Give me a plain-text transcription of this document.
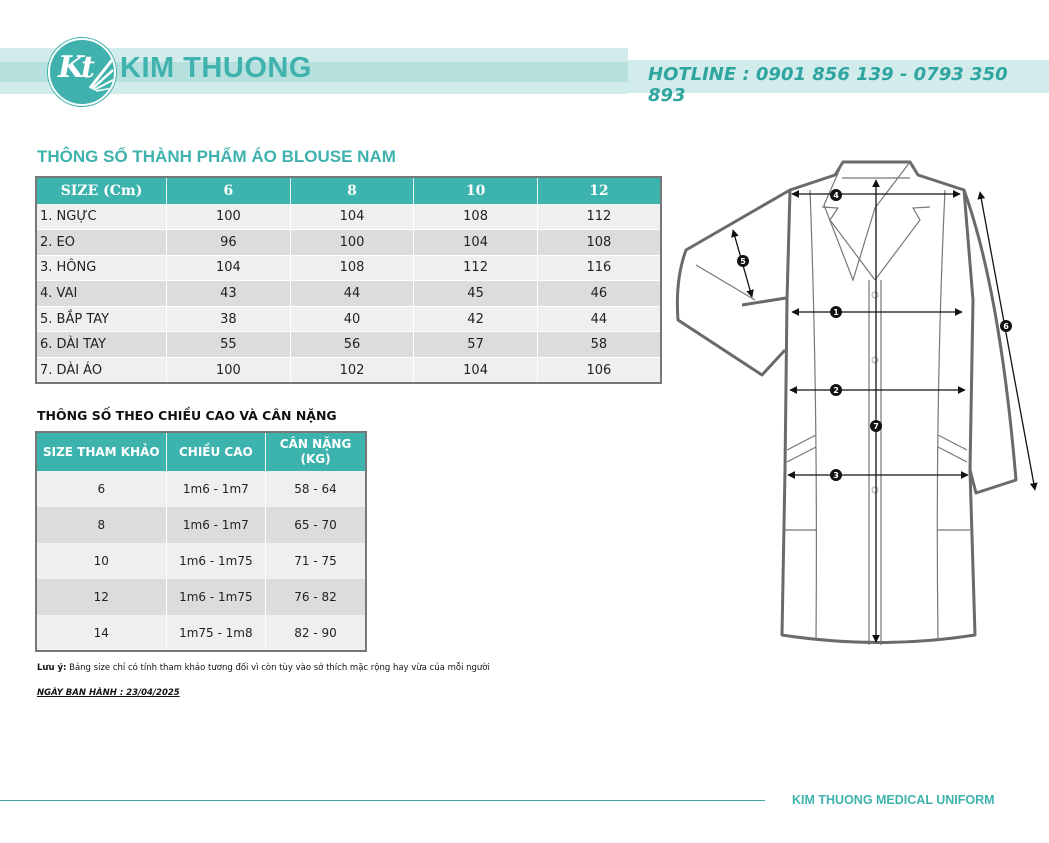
Kt KIM THUONG	HOTLINE : 0901 856 139 - 0793 350 893
THÔNG SỐ THÀNH PHẨM ÁO BLOUSE NAM
SIZE (Cm)	6	8	10	12
1. NGỰC	100	104	108	112
2. EO	96	100	104	108
3. HÔNG	104	108	112	116
4. VAI	43	44	45	46
5. BẮP TAY	38	40	42	44
6. DÀI TAY	55	56	57	58
7. DÀI ÁO	100	102	104	106
THÔNG SỐ THEO CHIỀU CAO VÀ CÂN NẶNG
SIZE THAM KHẢO	CHIỀU CAO	CÂN NẶNG (KG)
6	1m6 - 1m7	58 - 64
8	1m6 - 1m7	65 - 70
10	1m6 - 1m75	71 - 75
12	1m6 - 1m75	76 - 82
14	1m75 - 1m8	82 - 90
Lưu ý: Bảng size chỉ có tính tham khảo tương đối vì còn tùy vào sở thích mặc rộng hay vừa của mỗi người
NGÀY BAN HÀNH : 23/04/2025
4
1
2
3
7
5
6
KIM THUONG MEDICAL UNIFORM
